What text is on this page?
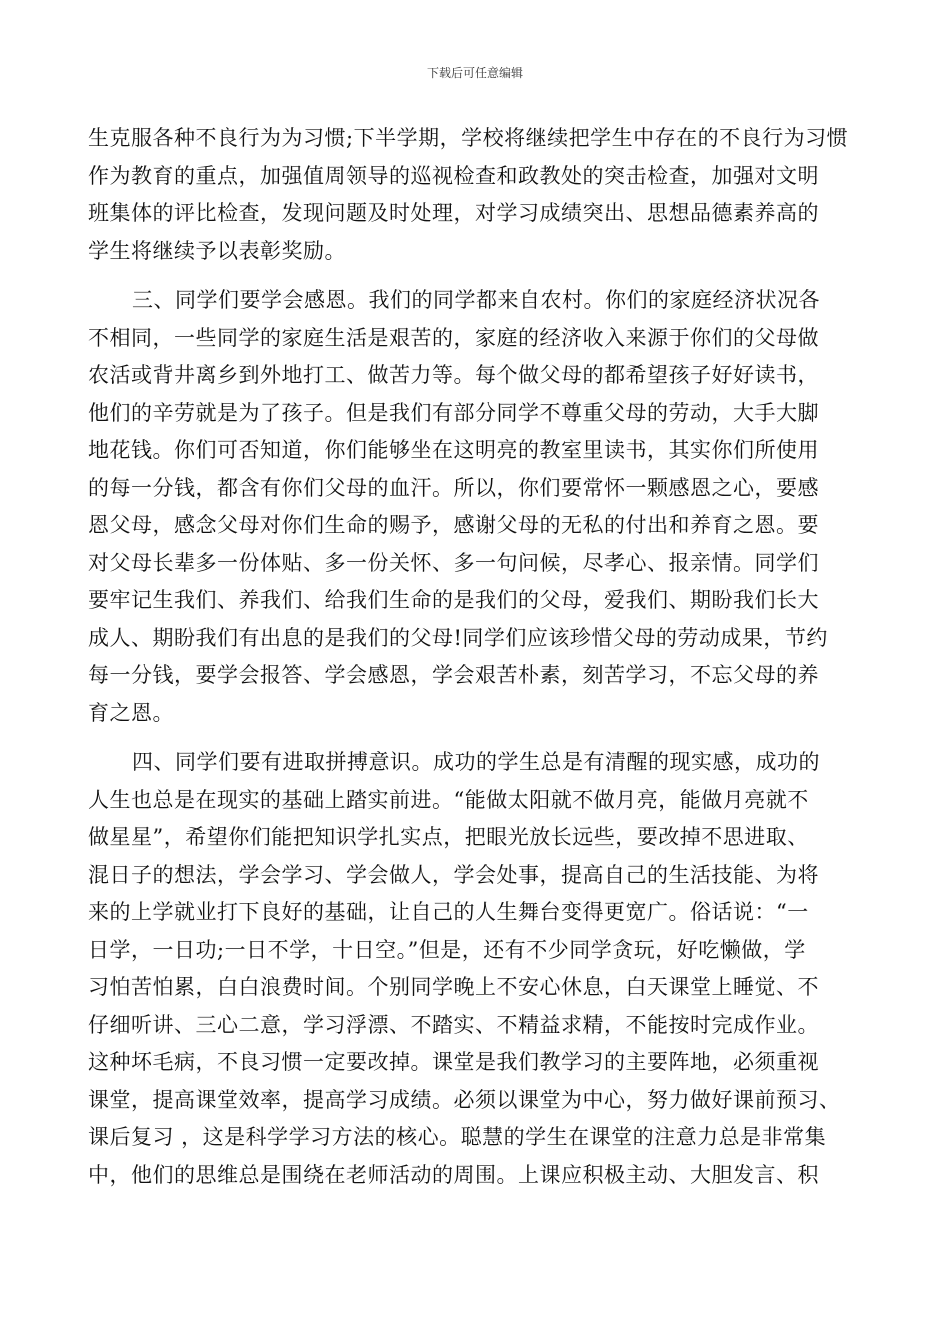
下载后可任意编辑
生克服各种不良行为为习惯;下半学期，学校将继续把学生中存在的不良行为习惯
作为教育的重点，加强值周领导的巡视检查和政教处的突击检查，加强对文明
班集体的评比检查，发现问题及时处理，对学习成绩突出、思想品德素养高的
学生将继续予以表彰奖励。
三、同学们要学会感恩。我们的同学都来自农村。你们的家庭经济状况各
不相同，一些同学的家庭生活是艰苦的，家庭的经济收入来源于你们的父母做
农活或背井离乡到外地打工、做苦力等。每个做父母的都希望孩子好好读书，
他们的辛劳就是为了孩子。但是我们有部分同学不尊重父母的劳动，大手大脚
地花钱。你们可否知道，你们能够坐在这明亮的教室里读书，其实你们所使用
的每一分钱，都含有你们父母的血汗。所以，你们要常怀一颗感恩之心，要感
恩父母，感念父母对你们生命的赐予，感谢父母的无私的付出和养育之恩。要
对父母长辈多一份体贴、多一份关怀、多一句问候，尽孝心、报亲情。同学们
要牢记生我们、养我们、给我们生命的是我们的父母，爱我们、期盼我们长大
成人、期盼我们有出息的是我们的父母!同学们应该珍惜父母的劳动成果，节约
每一分钱，要学会报答、学会感恩，学会艰苦朴素，刻苦学习，不忘父母的养
育之恩。
四、同学们要有进取拼搏意识。成功的学生总是有清醒的现实感，成功的
人生也总是在现实的基础上踏实前进。“能做太阳就不做月亮，能做月亮就不
做星星”，希望你们能把知识学扎实点，把眼光放长远些，要改掉不思进取、
混日子的想法，学会学习、学会做人，学会处事，提高自己的生活技能、为将
来的上学就业打下良好的基础，让自己的人生舞台变得更宽广。俗话说：“一
日学，一日功;一日不学，十日空。”但是，还有不少同学贪玩，好吃懒做，学
习怕苦怕累，白白浪费时间。个别同学晚上不安心休息，白天课堂上睡觉、不
仔细听讲、三心二意，学习浮漂、不踏实、不精益求精，不能按时完成作业。
这种坏毛病，不良习惯一定要改掉。课堂是我们教学习的主要阵地，必须重视
课堂，提高课堂效率，提高学习成绩。必须以课堂为中心，努力做好课前预习、
课后复习 ，这是科学学习方法的核心。聪慧的学生在课堂的注意力总是非常集
中，他们的思维总是围绕在老师活动的周围。上课应积极主动、大胆发言、积
